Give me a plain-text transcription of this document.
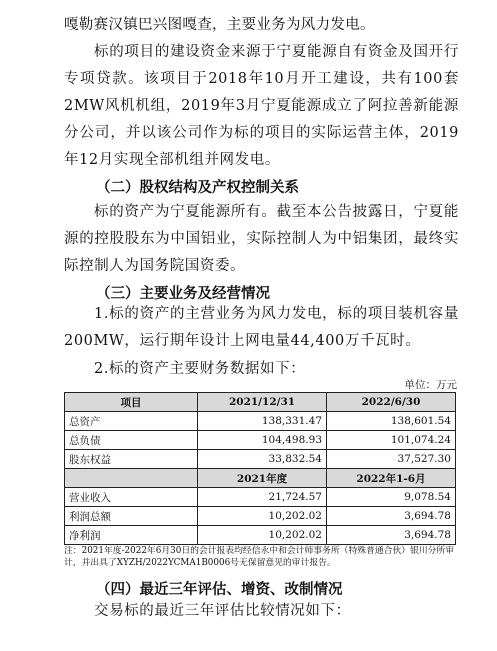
嘎勒赛汉镇巴兴图嘎查，主要业务为风力发电。
标的项目的建设资金来源于宁夏能源自有资金及国开行专项贷款。该项目于2018年10月开工建设，共有100套2MW风机机组，2019年3月宁夏能源成立了阿拉善新能源分公司，并以该公司作为标的项目的实际运营主体，2019年12月实现全部机组并网发电。
（二）股权结构及产权控制关系
标的资产为宁夏能源所有。截至本公告披露日，宁夏能源的控股股东为中国铝业，实际控制人为中铝集团，最终实际控制人为国务院国资委。
（三）主要业务及经营情况
1.标的资产的主营业务为风力发电，标的项目装机容量200MW，运行期年设计上网电量44,400万千瓦时。
2.标的资产主要财务数据如下：
单位：万元
项目	2021/12/31	2022/6/30
总资产	138,331.47	138,601.54
总负债	104,498.93	101,074.24
股东权益	33,832.54	37,527.30
	2021年度	2022年1-6月
营业收入	21,724.57	9,078.54
利润总额	10,202.02	3,694.78
净利润	10,202.02	3,694.78
注：2021年度-2022年6月30日的会计报表均经信永中和会计师事务所（特殊普通合伙）银川分所审计，并出具了XYZH/2022YCMA1B0006号无保留意见的审计报告。
（四）最近三年评估、增资、改制情况
交易标的最近三年评估比较情况如下：
